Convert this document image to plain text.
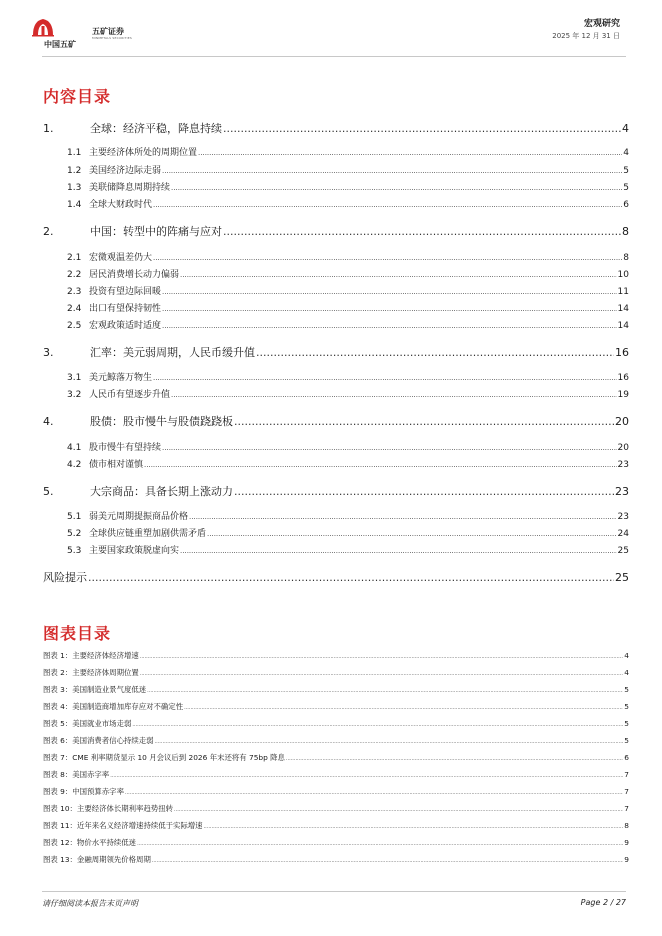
中国五矿
五矿证券
MINMETALS SECURITIES
宏观研究
2025 年 12 月 31 日
内容目录
1.	全球：经济平稳，降息持续 .....	4
1.1 主要经济体所处的周期位置 .....	4
1.2 美国经济边际走弱 .....	5
1.3 美联储降息周期持续 .....	5
1.4 全球大财政时代 .....	6
2.	中国：转型中的阵痛与应对 .....	8
2.1 宏微观温差仍大 .....	8
2.2 居民消费增长动力偏弱 .....	10
2.3 投资有望边际回暖 .....	11
2.4 出口有望保持韧性 .....	14
2.5 宏观政策适时适度 .....	14
3.	汇率：美元弱周期，人民币缓升值 .....	16
3.1 美元鲸落万物生 .....	16
3.2 人民币有望逐步升值 .....	19
4.	股债：股市慢牛与股债跷跷板 .....	20
4.1 股市慢牛有望持续 .....	20
4.2 债市相对谨慎 .....	23
5.	大宗商品：具备长期上涨动力 .....	23
5.1 弱美元周期提振商品价格 .....	23
5.2 全球供应链重塑加剧供需矛盾 .....	24
5.3 主要国家政策脱虚向实 .....	25
风险提示 .....	25
图表目录
图表 1：主要经济体经济增速 .....	4
图表 2：主要经济体周期位置 .....	4
图表 3：美国制造业景气度低迷 .....	5
图表 4：美国制造商增加库存应对不确定性 .....	5
图表 5：美国就业市场走弱 .....	5
图表 6：美国消费者信心持续走弱 .....	5
图表 7：CME 利率期货显示 10 月会议后到 2026 年末还将有 75bp 降息 .....	6
图表 8：美国赤字率 .....	7
图表 9：中国预算赤字率 .....	7
图表 10：主要经济体长期利率趋势扭转 .....	7
图表 11：近年来名义经济增速持续低于实际增速 .....	8
图表 12：物价水平持续低迷 .....	9
图表 13：金融周期领先价格周期 .....	9
请仔细阅读本报告末页声明	Page 2 / 27
